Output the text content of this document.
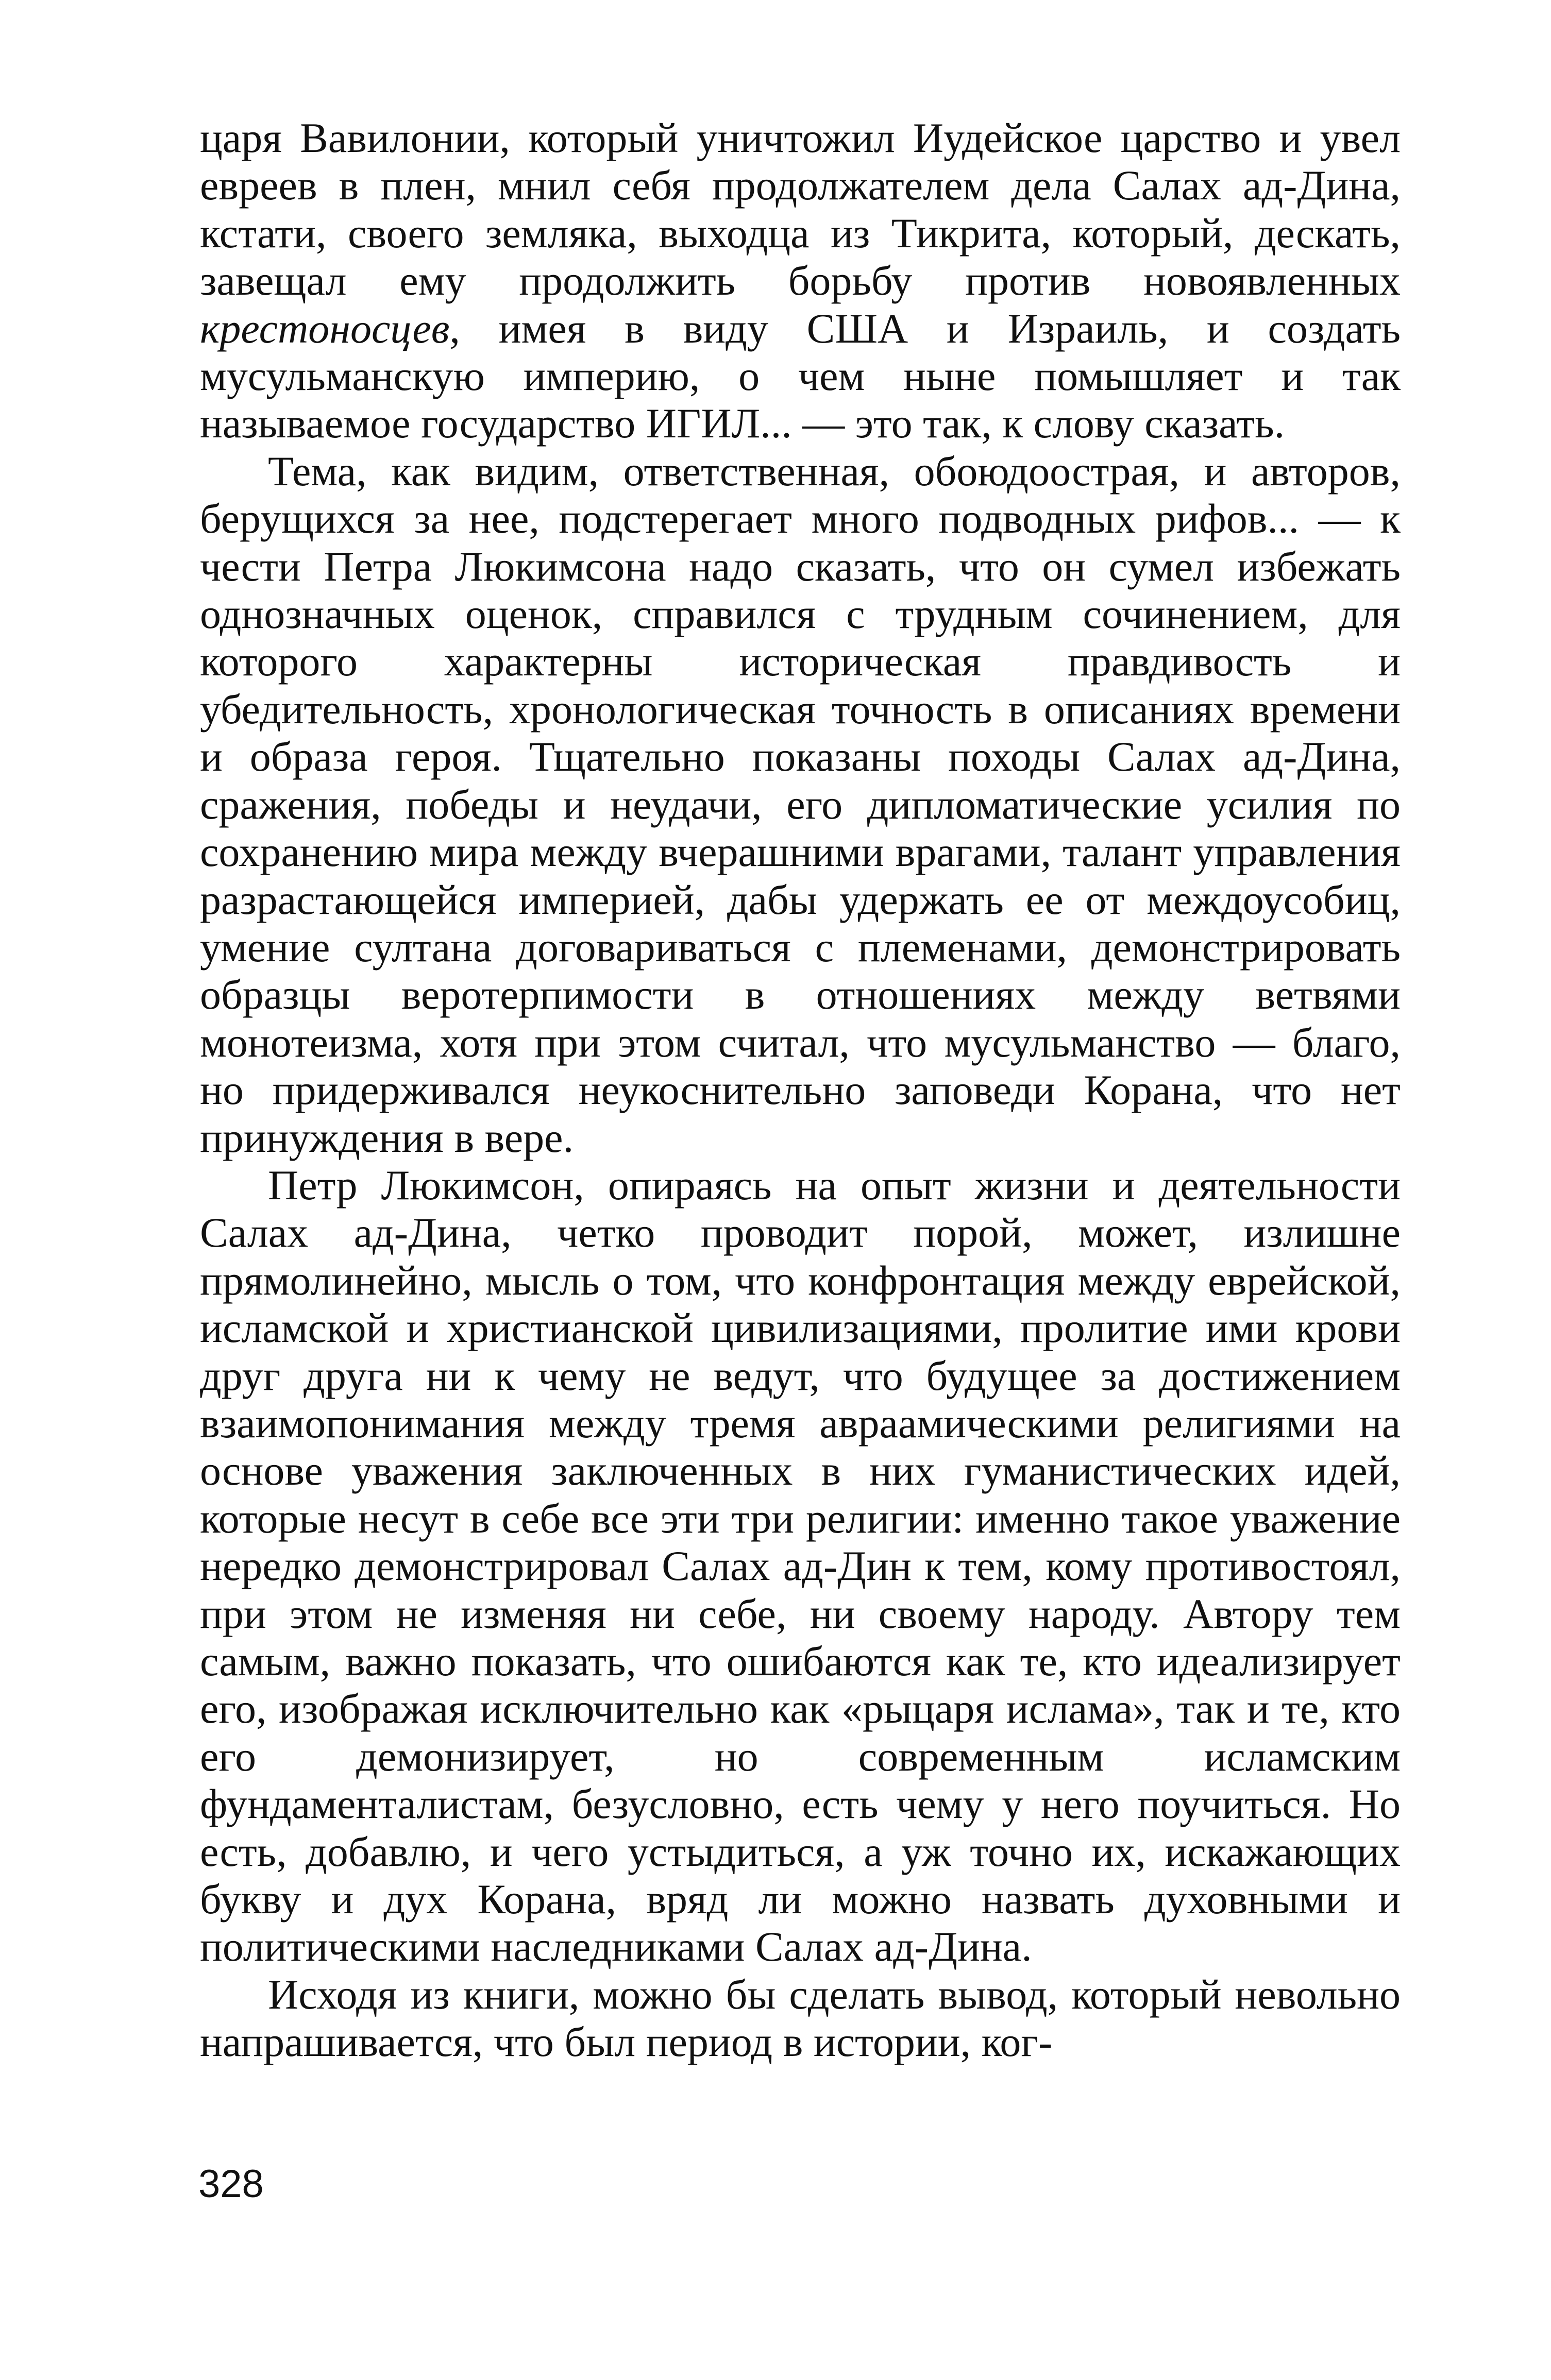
царя Вавилонии, который уничтожил Иудейское царство и увел евреев в плен, мнил себя продолжателем дела Салах ад-Дина, кстати, своего земляка, выходца из Тикрита, который, дескать, завещал ему продолжить борьбу против новоявленных крестоносцев, имея в виду США и Израиль, и создать мусульманскую империю, о чем ныне помышляет и так называемое государство ИГИЛ... — это так, к слову сказать.

Тема, как видим, ответственная, обоюдоострая, и авторов, берущихся за нее, подстерегает много подводных рифов... — к чести Петра Люкимсона надо сказать, что он сумел избежать однозначных оценок, справился с трудным сочинением, для которого характерны историческая правдивость и убедительность, хронологическая точность в описаниях времени и образа героя. Тщательно показаны походы Салах ад-Дина, сражения, победы и неудачи, его дипломатические усилия по сохранению мира между вчерашними врагами, талант управления разрастающейся империей, дабы удержать ее от междоусобиц, умение султана договариваться с племенами, демонстрировать образцы веротерпимости в отношениях между ветвями монотеизма, хотя при этом считал, что мусульманство — благо, но придерживался неукоснительно заповеди Корана, что нет принуждения в вере.

Петр Люкимсон, опираясь на опыт жизни и деятельности Салах ад-Дина, четко проводит порой, может, излишне прямолинейно, мысль о том, что конфронтация между еврейской, исламской и христианской цивилизациями, пролитие ими крови друг друга ни к чему не ведут, что будущее за достижением взаимопонимания между тремя авраамическими религиями на основе уважения заключенных в них гуманистических идей, которые несут в себе все эти три религии: именно такое уважение нередко демонстрировал Салах ад-Дин к тем, кому противостоял, при этом не изменяя ни себе, ни своему народу. Автору тем самым, важно показать, что ошибаются как те, кто идеализирует его, изображая исключительно как «рыцаря ислама», так и те, кто его демонизирует, но современным исламским фундаменталистам, безусловно, есть чему у него поучиться. Но есть, добавлю, и чего устыдиться, а уж точно их, искажающих букву и дух Корана, вряд ли можно назвать духовными и политическими наследниками Салах ад-Дина.

Исходя из книги, можно бы сделать вывод, который невольно напрашивается, что был период в истории, ког-

328
